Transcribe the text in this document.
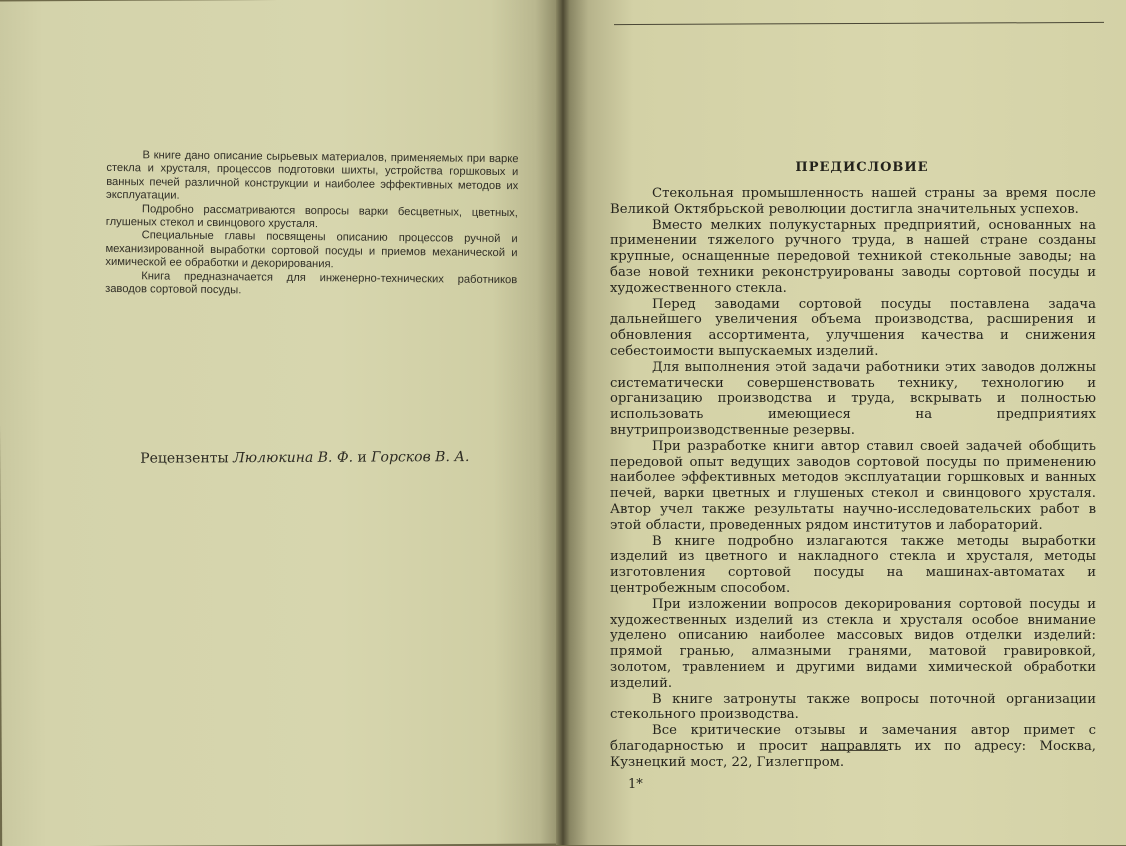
В книге дано описание сырьевых материалов, применяемых при варке стекла и хрусталя, процессов подготовки шихты, устройства горшковых и ванных печей различной конструкции и наиболее эффективных методов их эксплуатации.

Подробно рассматриваются вопросы варки бесцветных, цветных, глушеных стекол и свинцового хрусталя.

Специальные главы посвящены описанию процессов ручной и механизированной выработки сортовой посуды и приемов механической и химической ее обработки и декорирования.

Книга предназначается для инженерно-технических работников заводов сортовой посуды.

Рецензенты Люлюкина В. Ф. и Горсков В. А.
ПРЕДИСЛОВИЕ

Стекольная промышленность нашей страны за время после Великой Октябрьской революции достигла значительных успехов.

Вместо мелких полукустарных предприятий, основанных на применении тяжелого ручного труда, в нашей стране созданы крупные, оснащенные передовой техникой стекольные заводы; на базе новой техники реконструированы заводы сортовой посуды и художественного стекла.

Перед заводами сортовой посуды поставлена задача дальнейшего увеличения объема производства, расширения и обновления ассортимента, улучшения качества и снижения себестоимости выпускаемых изделий.

Для выполнения этой задачи работники этих заводов должны систематически совершенствовать технику, технологию и организацию производства и труда, вскрывать и полностью использовать имеющиеся на предприятиях внутрипроизводственные резервы.

При разработке книги автор ставил своей задачей обобщить передовой опыт ведущих заводов сортовой посуды по применению наиболее эффективных методов эксплуатации горшковых и ванных печей, варки цветных и глушеных стекол и свинцового хрусталя. Автор учел также результаты научно-исследовательских работ в этой области, проведенных рядом институтов и лабораторий.

В книге подробно излагаются также методы выработки изделий из цветного и накладного стекла и хрусталя, методы изготовления сортовой посуды на машинах-автоматах и центробежным способом.

При изложении вопросов декорирования сортовой посуды и художественных изделий из стекла и хрусталя особое внимание уделено описанию наиболее массовых видов отделки изделий: прямой гранью, алмазными гранями, матовой гравировкой, золотом, травлением и другими видами химической обработки изделий.

В книге затронуты также вопросы поточной организации стекольного производства.

Все критические отзывы и замечания автор примет с благодарностью и просит направлять их по адресу: Москва, Кузнецкий мост, 22, Гизлегпром.

1*
